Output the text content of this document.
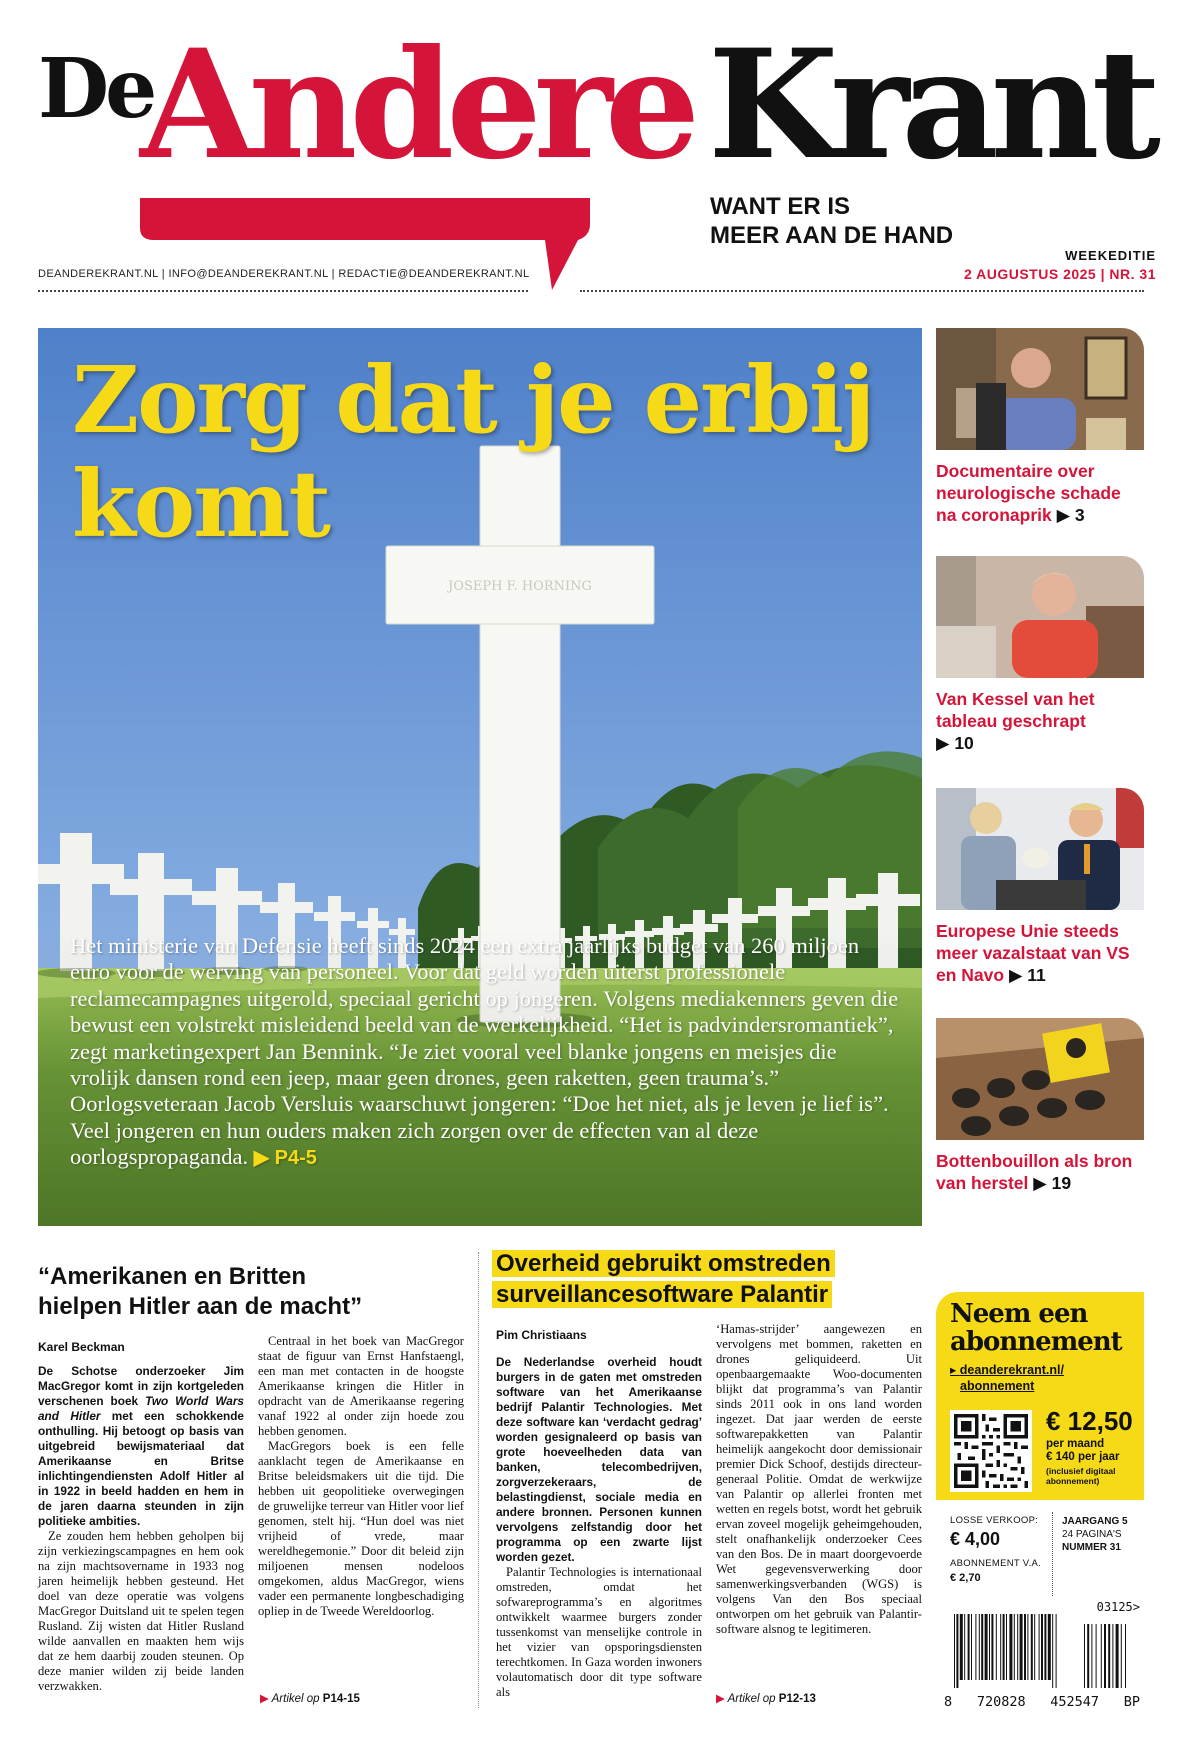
De
Andere Krant
WANT ER IS
MEER AAN DE HAND
WEEKEDITIE
2 AUGUSTUS 2025 | NR. 31
DEANDEREKRANT.NL | INFO@DEANDEREKRANT.NL | REDACTIE@DEANDEREKRANT.NL
JOSEPH F. HORNING
Zorg dat je erbij komt
Het ministerie van Defensie heeft sinds 2024 een extra jaarlijks budget van 260 miljoen euro voor de werving van personeel. Voor dat geld worden uiterst professionele reclamecampagnes uitgerold, speciaal gericht op jongeren. Volgens mediakenners geven die bewust een volstrekt misleidend beeld van de werkelijkheid. “Het is padvindersromantiek”, zegt marketingexpert Jan Bennink. “Je ziet vooral veel blanke jongens en meisjes die vrolijk dansen rond een jeep, maar geen drones, geen raketten, geen trauma’s.” Oorlogsveteraan Jacob Versluis waarschuwt jongeren: “Doe het niet, als je leven je lief is”. Veel jongeren en hun ouders maken zich zorgen over de effecten van al deze oorlogspropaganda. ▶ P4-5
Documentaire over neurologische schade na coronaprik ▶ 3
Van Kessel van het tableau geschrapt
▶ 10
Europese Unie steeds meer vazalstaat van VS en Navo ▶ 11
Bottenbouillon als bron van herstel ▶ 19
“Amerikanen en Britten
hielpen Hitler aan de macht”
Karel Beckman

De Schotse onderzoeker Jim MacGregor komt in zijn kortgeleden verschenen boek Two World Wars and Hitler met een schokkende onthulling. Hij betoogt op basis van uitgebreid bewijsmateriaal dat Amerikaanse en Britse inlichtingendiensten Adolf Hitler al in 1922 in beeld hadden en hem in de jaren daarna steunden in zijn politieke ambities.

Ze zouden hem hebben geholpen bij zijn verkiezingscampagnes en hem ook na zijn machtsovername in 1933 nog jaren heimelijk hebben gesteund. Het doel van deze operatie was volgens MacGregor Duitsland uit te spelen tegen Rusland. Zij wisten dat Hitler Rusland wilde aanvallen en maakten hem wijs dat ze hem daarbij zouden steunen. Op deze manier wilden zij beide landen verzwakken.

Centraal in het boek van MacGregor staat de figuur van Ernst Hanfstaengl, een man met contacten in de hoogste Amerikaanse kringen die Hitler in opdracht van de Amerikaanse regering vanaf 1922 al onder zijn hoede zou hebben genomen.

MacGregors boek is een felle aanklacht tegen de Amerikaanse en Britse beleidsmakers uit die tijd. Die hebben uit geopolitieke overwegingen de gruwelijke terreur van Hitler voor lief genomen, stelt hij. “Hun doel was niet vrijheid of vrede, maar wereldhegemonie.” Door dit beleid zijn miljoenen mensen nodeloos omgekomen, aldus MacGregor, wiens vader een permanente longbeschadiging opliep in de Tweede Wereldoorlog.

▶ Artikel op P14-15
Overheid gebruikt omstreden
surveillancesoftware Palantir
Pim Christiaans

De Nederlandse overheid houdt burgers in de gaten met omstreden software van het Amerikaanse bedrijf Palantir Technologies. Met deze software kan ‘verdacht gedrag’ worden gesignaleerd op basis van grote hoeveelheden data van banken, telecombedrijven, zorgverzekeraars, de belastingdienst, sociale media en andere bronnen. Personen kunnen vervolgens zelfstandig door het programma op een zwarte lijst worden gezet.

Palantir Technologies is internationaal omstreden, omdat het sofwareprogramma’s en algoritmes ontwikkelt waarmee burgers zonder tussenkomst van menselijke controle in het vizier van opsporingsdiensten terechtkomen. In Gaza worden inwoners volautomatisch door dit type software als

‘Hamas-strijder’ aangewezen en vervolgens met bommen, raketten en drones geliquideerd. Uit openbaargemaakte Woo-documenten blijkt dat programma’s van Palantir sinds 2011 ook in ons land worden ingezet. Dat jaar werden de eerste softwarepakketten van Palantir heimelijk aangekocht door demissionair premier Dick Schoof, destijds directeur-generaal Politie. Omdat de werkwijze van Palantir op allerlei fronten met wetten en regels botst, wordt het gebruik ervan zoveel mogelijk geheimgehouden, stelt onafhankelijk onderzoeker Cees van den Bos. De in maart doorgevoerde Wet gegevensverwerking door samenwerkingsverbanden (WGS) is volgens Van den Bos speciaal ontworpen om het gebruik van Palantir-software alsnog te legitimeren.

▶ Artikel op P12-13
Neem een
abonnement
▸ deanderekrant.nl/
abonnement
€ 12,50
per maand
€ 140 per jaar
(inclusief digitaal abonnement)
LOSSE VERKOOP:
€ 4,00
ABONNEMENT V.A.
€ 2,70
JAARGANG 5
24 PAGINA'S
NUMMER 31
03125>
8 720828 452547 BP
